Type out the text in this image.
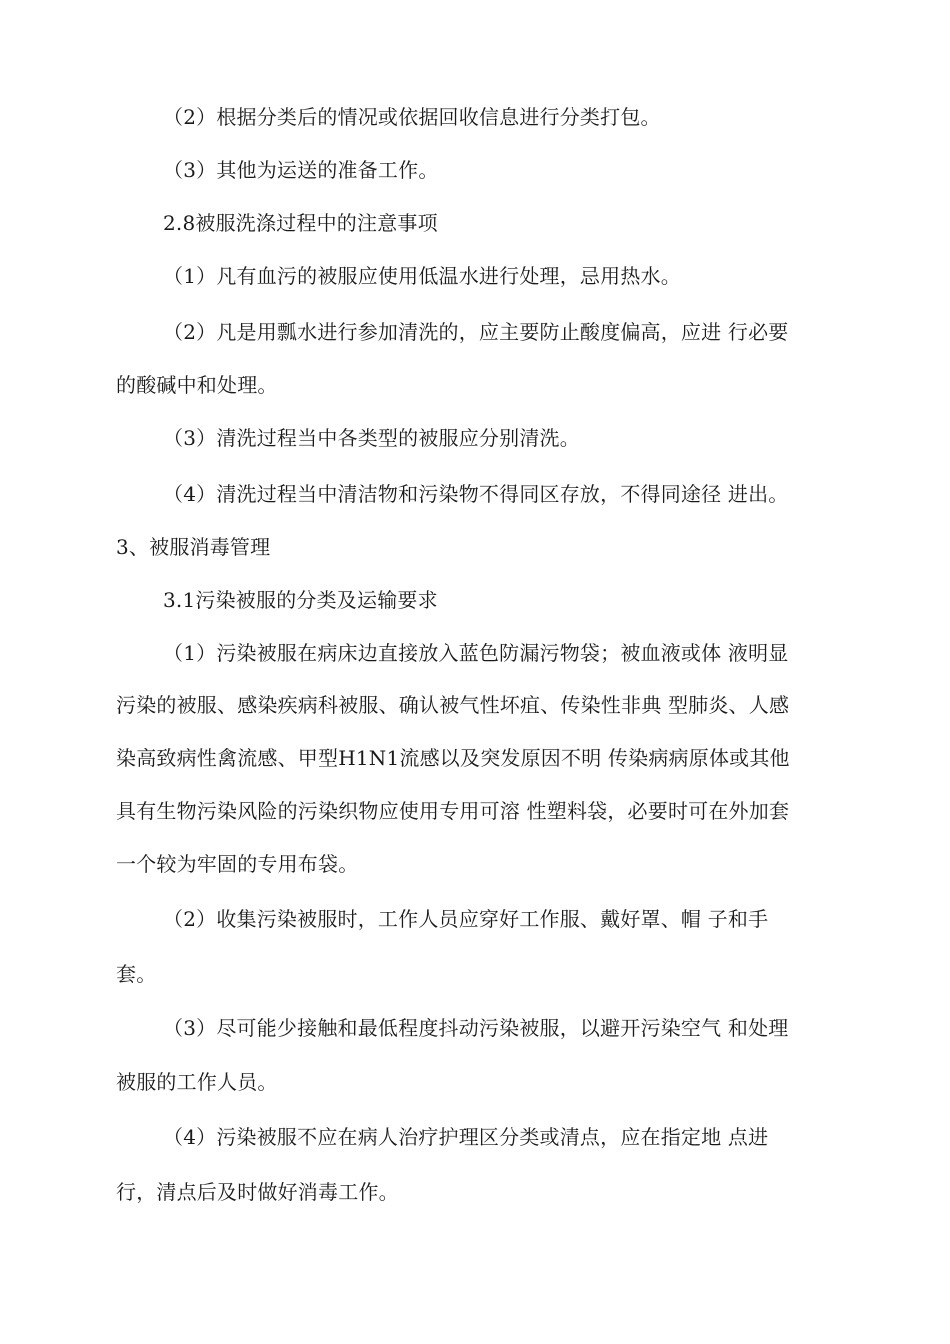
（2）根据分类后的情况或依据回收信息进行分类打包。
（3）其他为运送的准备工作。
2.8被服洗涤过程中的注意事项
（1）凡有血污的被服应使用低温水进行处理，忌用热水。
（2）凡是用瓢水进行参加清洗的，应主要防止酸度偏高，应进 行必要
的酸碱中和处理。
（3）清洗过程当中各类型的被服应分别清洗。
（4）清洗过程当中清洁物和污染物不得同区存放，不得同途径 进出。
3、被服消毒管理
3.1污染被服的分类及运输要求
（1）污染被服在病床边直接放入蓝色防漏污物袋；被血液或体 液明显
污染的被服、感染疾病科被服、确认被气性坏疽、传染性非典 型肺炎、人感
染高致病性禽流感、甲型H1N1流感以及突发原因不明 传染病病原体或其他
具有生物污染风险的污染织物应使用专用可溶 性塑料袋，必要时可在外加套
一个较为牢固的专用布袋。
（2）收集污染被服时，工作人员应穿好工作服、戴好罩、帽 子和手
套。
（3）尽可能少接触和最低程度抖动污染被服，以避开污染空气 和处理
被服的工作人员。
（4）污染被服不应在病人治疗护理区分类或清点，应在指定地 点进
行，清点后及时做好消毒工作。
